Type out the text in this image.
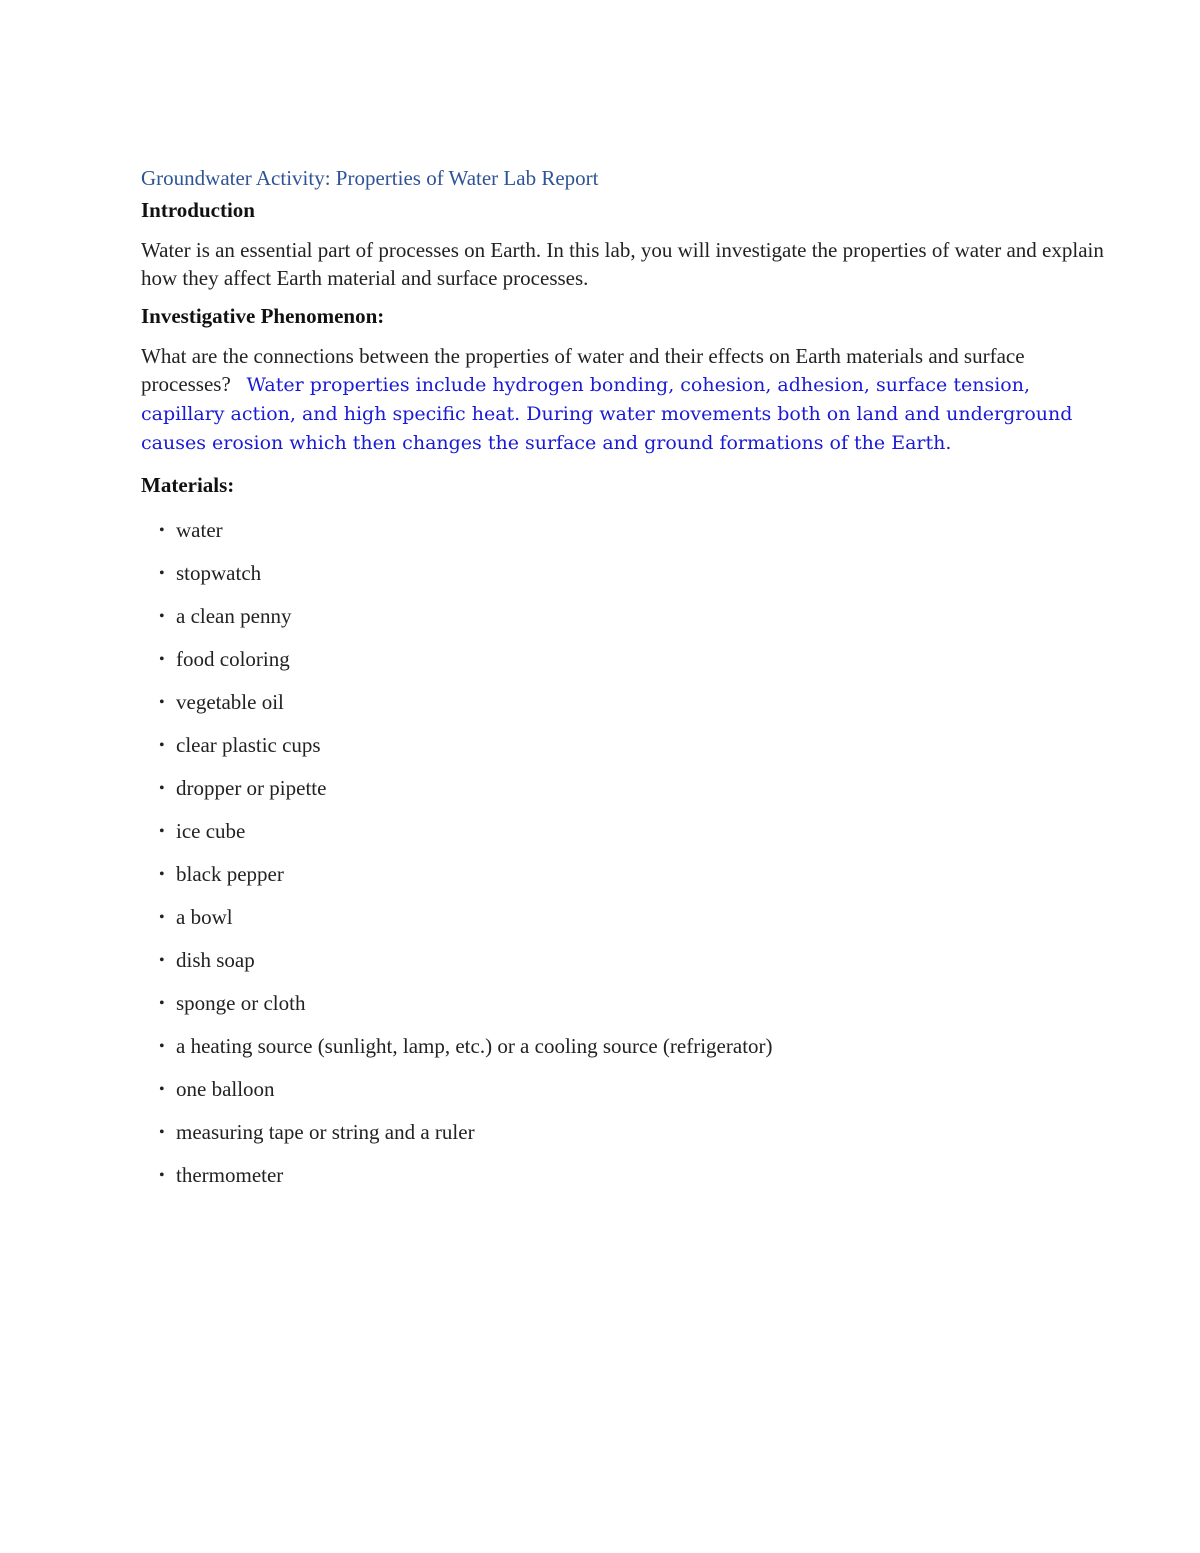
Groundwater Activity: Properties of Water Lab Report
Introduction

Water is an essential part of processes on Earth. In this lab, you will investigate the properties of water and explain how they affect Earth material and surface processes.

Investigative Phenomenon:

What are the connections between the properties of water and their effects on Earth materials and surface processes? Water properties include hydrogen bonding, cohesion, adhesion, surface tension, capillary action, and high specific heat. During water movements both on land and underground causes erosion which then changes the surface and ground formations of the Earth.

Materials:
• water
• stopwatch
• a clean penny
• food coloring
• vegetable oil
• clear plastic cups
• dropper or pipette
• ice cube
• black pepper
• a bowl
• dish soap
• sponge or cloth
• a heating source (sunlight, lamp, etc.) or a cooling source (refrigerator)
• one balloon
• measuring tape or string and a ruler
• thermometer
